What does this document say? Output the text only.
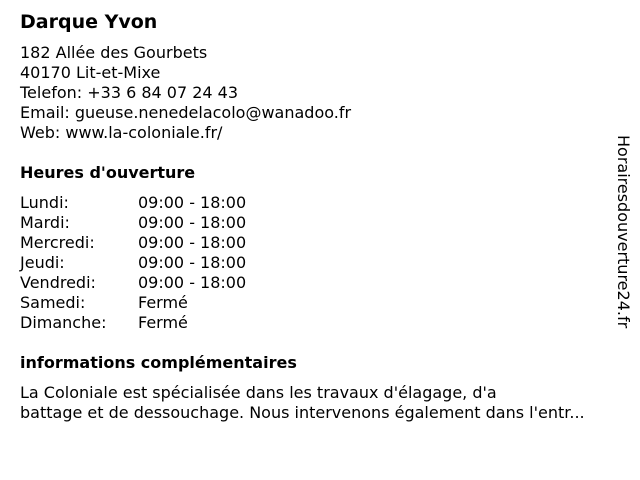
Darque Yvon
182 Allée des Gourbets
40170 Lit-et-Mixe
Telefon: +33 6 84 07 24 43
Email: gueuse.nenedelacolo@wanadoo.fr
Web: www.la-coloniale.fr/
Heures d'ouverture
Lundi:	09:00 - 18:00
Mardi:	09:00 - 18:00
Mercredi:	09:00 - 18:00
Jeudi:	09:00 - 18:00
Vendredi:	09:00 - 18:00
Samedi:	Fermé
Dimanche:	Fermé
informations complémentaires
La Coloniale est spécialisée dans les travaux d'élagage, d'a
battage et de dessouchage. Nous intervenons également dans l'entr...
Horairesdouverture24.fr
